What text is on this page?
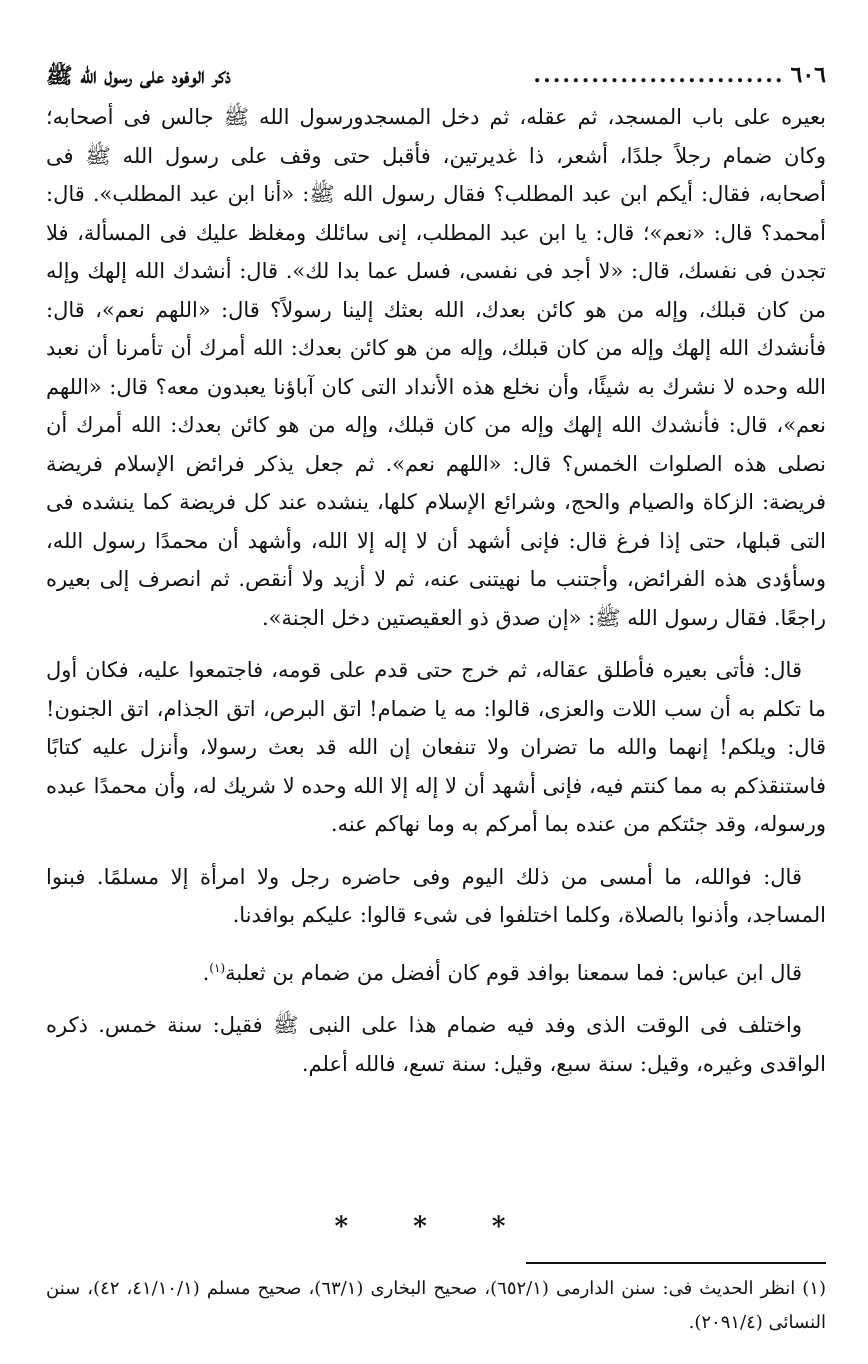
٦٠٦
..........................
ذكر الوفود على رسول الله ﷺ

بعيره على باب المسجد، ثم عقله، ثم دخل المسجدورسول الله ﷺ جالس فى أصحابه؛ وكان ضمام رجلاً جلدًا، أشعر، ذا غديرتين، فأقبل حتى وقف على رسول الله ﷺ فى أصحابه، فقال: أيكم ابن عبد المطلب؟ فقال رسول الله ﷺ: «أنا ابن عبد المطلب». قال: أمحمد؟ قال: «نعم»؛ قال: يا ابن عبد المطلب، إنى سائلك ومغلظ عليك فى المسألة، فلا تجدن فى نفسك، قال: «لا أجد فى نفسى، فسل عما بدا لك». قال: أنشدك الله إلهك وإله من كان قبلك، وإله من هو كائن بعدك، الله بعثك إلينا رسولاً؟ قال: «اللهم نعم»، قال: فأنشدك الله إلهك وإله من كان قبلك، وإله من هو كائن بعدك: الله أمرك أن تأمرنا أن نعبد الله وحده لا نشرك به شيئًا، وأن نخلع هذه الأنداد التى كان آباؤنا يعبدون معه؟ قال: «اللهم نعم»، قال: فأنشدك الله إلهك وإله من كان قبلك، وإله من هو كائن بعدك: الله أمرك أن نصلى هذه الصلوات الخمس؟ قال: «اللهم نعم». ثم جعل يذكر فرائض الإسلام فريضة فريضة: الزكاة والصيام والحج، وشرائع الإسلام كلها، ينشده عند كل فريضة كما ينشده فى التى قبلها، حتى إذا فرغ قال: فإنى أشهد أن لا إله إلا الله، وأشهد أن محمدًا رسول الله، وسأؤدى هذه الفرائض، وأجتنب ما نهيتنى عنه، ثم لا أزيد ولا أنقص. ثم انصرف إلى بعيره راجعًا. فقال رسول الله ﷺ: «إن صدق ذو العقيصتين دخل الجنة».

قال: فأتى بعيره فأطلق عقاله، ثم خرج حتى قدم على قومه، فاجتمعوا عليه، فكان أول ما تكلم به أن سب اللات والعزى، قالوا: مه يا ضمام! اتق البرص، اتق الجذام، اتق الجنون! قال: ويلكم! إنهما والله ما تضران ولا تنفعان إن الله قد بعث رسولا، وأنزل عليه كتابًا فاستنقذكم به مما كنتم فيه، فإنى أشهد أن لا إله إلا الله وحده لا شريك له، وأن محمدًا عبده ورسوله، وقد جئتكم من عنده بما أمركم به وما نهاكم عنه.

قال: فوالله، ما أمسى من ذلك اليوم وفى حاضره رجل ولا امرأة إلا مسلمًا. فبنوا المساجد، وأذنوا بالصلاة، وكلما اختلفوا فى شىء قالوا: عليكم بوافدنا.

قال ابن عباس: فما سمعنا بوافد قوم كان أفضل من ضمام بن ثعلبة$^{(١)}$.

واختلف فى الوقت الذى وفد فيه ضمام هذا على النبى ﷺ فقيل: سنة خمس. ذكره الواقدى وغيره، وقيل: سنة سبع، وقيل: سنة تسع، فالله أعلم.

* * *

(١) انظر الحديث فى: سنن الدارمى (٦٥٢/١)، صحيح البخارى (٦٣/١)، صحيح مسلم (٤١/١٠/١، ٤٢)، سنن النسائى (٢٠٩١/٤).
